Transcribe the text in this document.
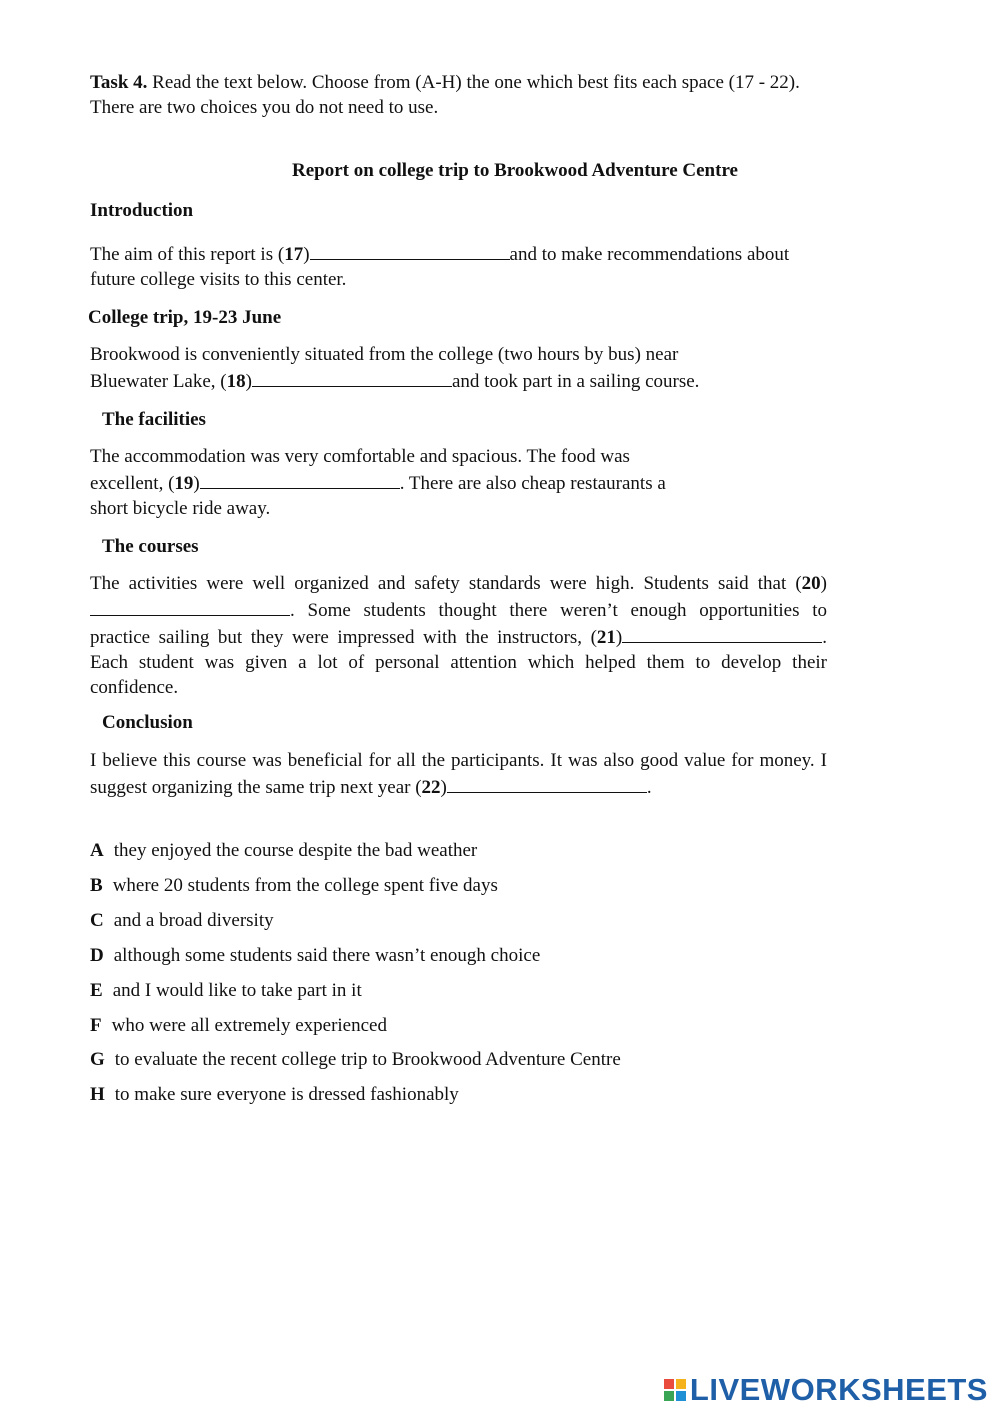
Task 4. Read the text below. Choose from (A-H) the one which best fits each space (17 - 22). There are two choices you do not need to use.
Report on college trip to Brookwood Adventure Centre
Introduction
The aim of this report is (17)	and to make recommendations about future college visits to this center.
College trip, 19-23 June
Brookwood is conveniently situated from the college (two hours by bus) near Bluewater Lake, (18)	and took part in a sailing course.
The facilities
The accommodation was very comfortable and spacious. The food was excellent, (19)	. There are also cheap restaurants a short bicycle ride away.
The courses
The activities were well organized and safety standards were high. Students said that (20). Some students thought there weren’t enough opportunities to practice sailing but they were impressed with the instructors, (21)	. Each student was given a lot of personal attention which helped them to develop their confidence.
Conclusion
I believe this course was beneficial for all the participants. It was also good value for money. I suggest organizing the same trip next year (22)	.
A they enjoyed the course despite the bad weather
B where 20 students from the college spent five days
C and a broad diversity
D although some students said there wasn’t enough choice
E and I would like to take part in it
F who were all extremely experienced
G to evaluate the recent college trip to Brookwood Adventure Centre
H to make sure everyone is dressed fashionably
LIVEWORKSHEETS
